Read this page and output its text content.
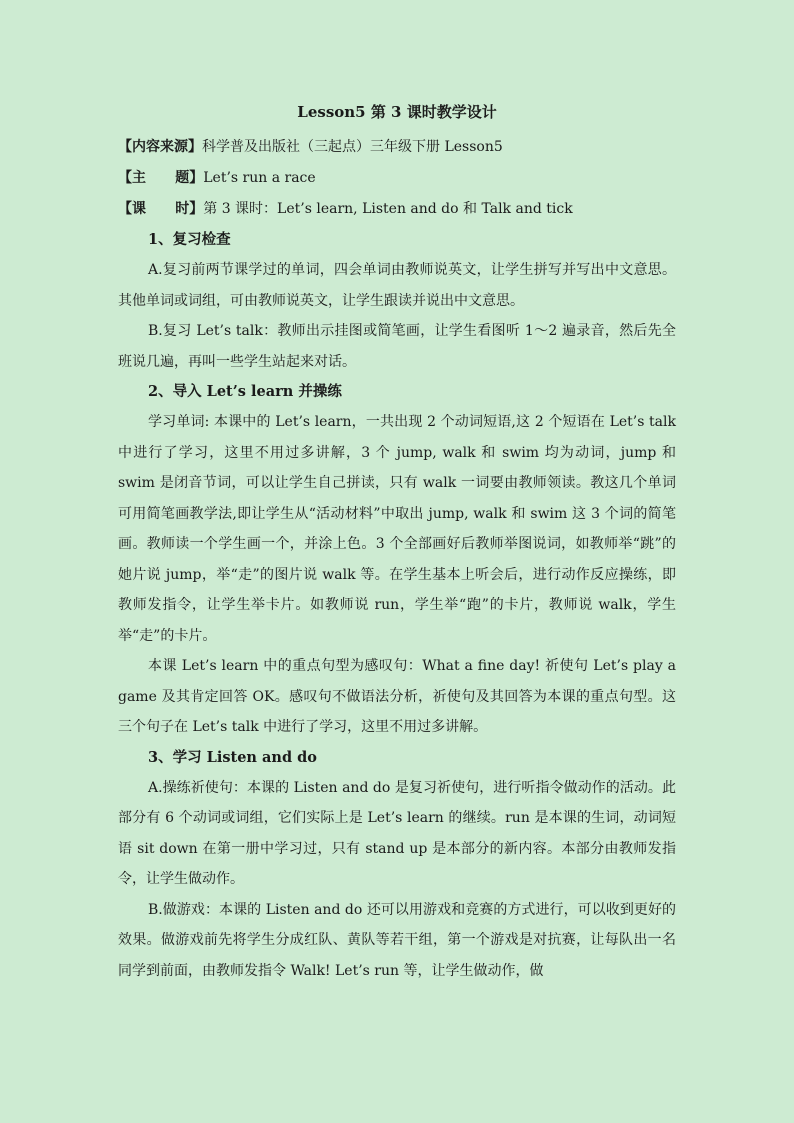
Lesson5 第 3 课时教学设计
【内容来源】科学普及出版社（三起点）三年级下册 Lesson5
【主      题】Let’s run a race
【课      时】第 3 课时：Let’s learn, Listen and do 和 Talk and tick
1、复习检查

A.复习前两节课学过的单词，四会单词由教师说英文，让学生拼写并写出中文意思。其他单词或词组，可由教师说英文，让学生跟读并说出中文意思。

B.复习 Let’s talk：教师出示挂图或简笔画，让学生看图听 1～2 遍录音，然后先全班说几遍，再叫一些学生站起来对话。

2、导入 Let’s learn 并操练

学习单词: 本课中的 Let’s learn，一共出现 2 个动词短语,这 2 个短语在 Let’s talk 中进行了学习，这里不用过多讲解，3 个 jump, walk 和 swim 均为动词，jump 和 swim 是闭音节词，可以让学生自己拼读，只有 walk 一词要由教师领读。教这几个单词可用简笔画教学法,即让学生从“活动材料”中取出 jump, walk 和 swim 这 3 个词的简笔画。教师读一个学生画一个，并涂上色。3 个全部画好后教师举图说词，如教师举“跳”的她片说 jump，举“走”的图片说 walk 等。在学生基本上听会后，进行动作反应操练，即教师发指令，让学生举卡片。如教师说 run，学生举“跑”的卡片，教师说 walk，学生举“走”的卡片。

本课 Let’s learn 中的重点句型为感叹句：What a fine day! 祈使句 Let’s play a game 及其肯定回答 OK。感叹句不做语法分析，祈使句及其回答为本课的重点句型。这三个句子在 Let’s talk 中进行了学习，这里不用过多讲解。

3、学习 Listen and do

A.操练祈使句：本课的 Listen and do 是复习祈使句，进行听指令做动作的活动。此部分有 6 个动词或词组，它们实际上是 Let’s learn 的继续。run 是本课的生词，动词短语 sit down 在第一册中学习过，只有 stand up 是本部分的新内容。本部分由教师发指令，让学生做动作。

B.做游戏：本课的 Listen and do 还可以用游戏和竞赛的方式进行，可以收到更好的效果。做游戏前先将学生分成红队、黄队等若干组，第一个游戏是对抗赛，让每队出一名同学到前面，由教师发指令 Walk! Let’s run 等，让学生做动作，做
